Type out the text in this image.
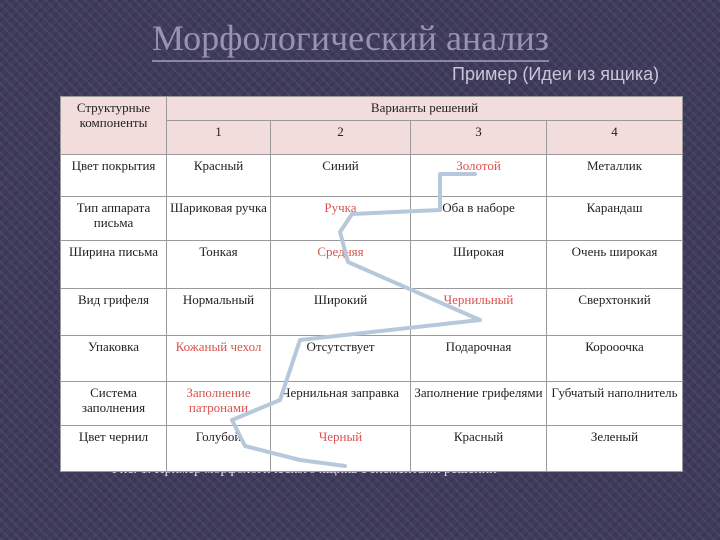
Морфологический анализ
Пример (Идеи из ящика)
Структурные компоненты	Варианты решений			
	1	2	3	4
Цвет покрытия	Красный	Синий	Золотой	Металлик
Тип аппарата письма	Шариковая ручка	Ручка	Оба в наборе	Карандаш
Ширина письма	Тонкая	Средняя	Широкая	Очень широкая
Вид грифеля	Нормальный	Широкий	Чернильный	Сверхтонкий
Упаковка	Кожаный чехол	Отсутствует	Подарочная	Корооочка
Система заполнения	Заполнение патронами	Чернильная заправка	Заполнение грифелями	Губчатый наполнитель
Цвет чернил	Голубой	Черный	Красный	Зеленый
